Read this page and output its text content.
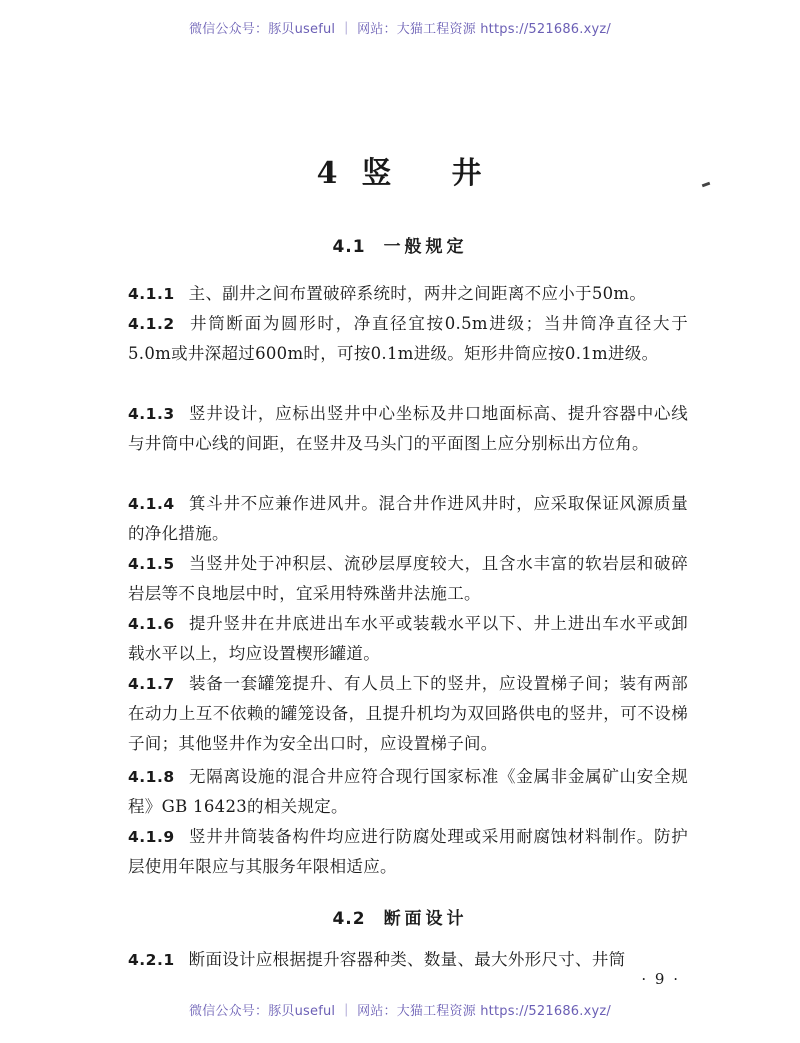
微信公众号：豚贝useful ｜ 网站：大猫工程资源 https://521686.xyz/
4 竖 井
4.1 一般规定
4.1.1 主、副井之间布置破碎系统时，两井之间距离不应小于50m。
4.1.2 井筒断面为圆形时，净直径宜按0.5m进级；当井筒净直径大于5.0m或井深超过600m时，可按0.1m进级。矩形井筒应按0.1m进级。
4.1.3 竖井设计，应标出竖井中心坐标及井口地面标高、提升容器中心线与井筒中心线的间距，在竖井及马头门的平面图上应分别标出方位角。
4.1.4 箕斗井不应兼作进风井。混合井作进风井时，应采取保证风源质量的净化措施。
4.1.5 当竖井处于冲积层、流砂层厚度较大，且含水丰富的软岩层和破碎岩层等不良地层中时，宜采用特殊凿井法施工。
4.1.6 提升竖井在井底进出车水平或装载水平以下、井上进出车水平或卸载水平以上，均应设置楔形罐道。
4.1.7 装备一套罐笼提升、有人员上下的竖井，应设置梯子间；装有两部在动力上互不依赖的罐笼设备，且提升机均为双回路供电的竖井，可不设梯子间；其他竖井作为安全出口时，应设置梯子间。
4.1.8 无隔离设施的混合井应符合现行国家标准《金属非金属矿山安全规程》GB 16423的相关规定。
4.1.9 竖井井筒装备构件均应进行防腐处理或采用耐腐蚀材料制作。防护层使用年限应与其服务年限相适应。
4.2 断面设计
4.2.1 断面设计应根据提升容器种类、数量、最大外形尺寸、井筒
· 9 ·
微信公众号：豚贝useful ｜ 网站：大猫工程资源 https://521686.xyz/
